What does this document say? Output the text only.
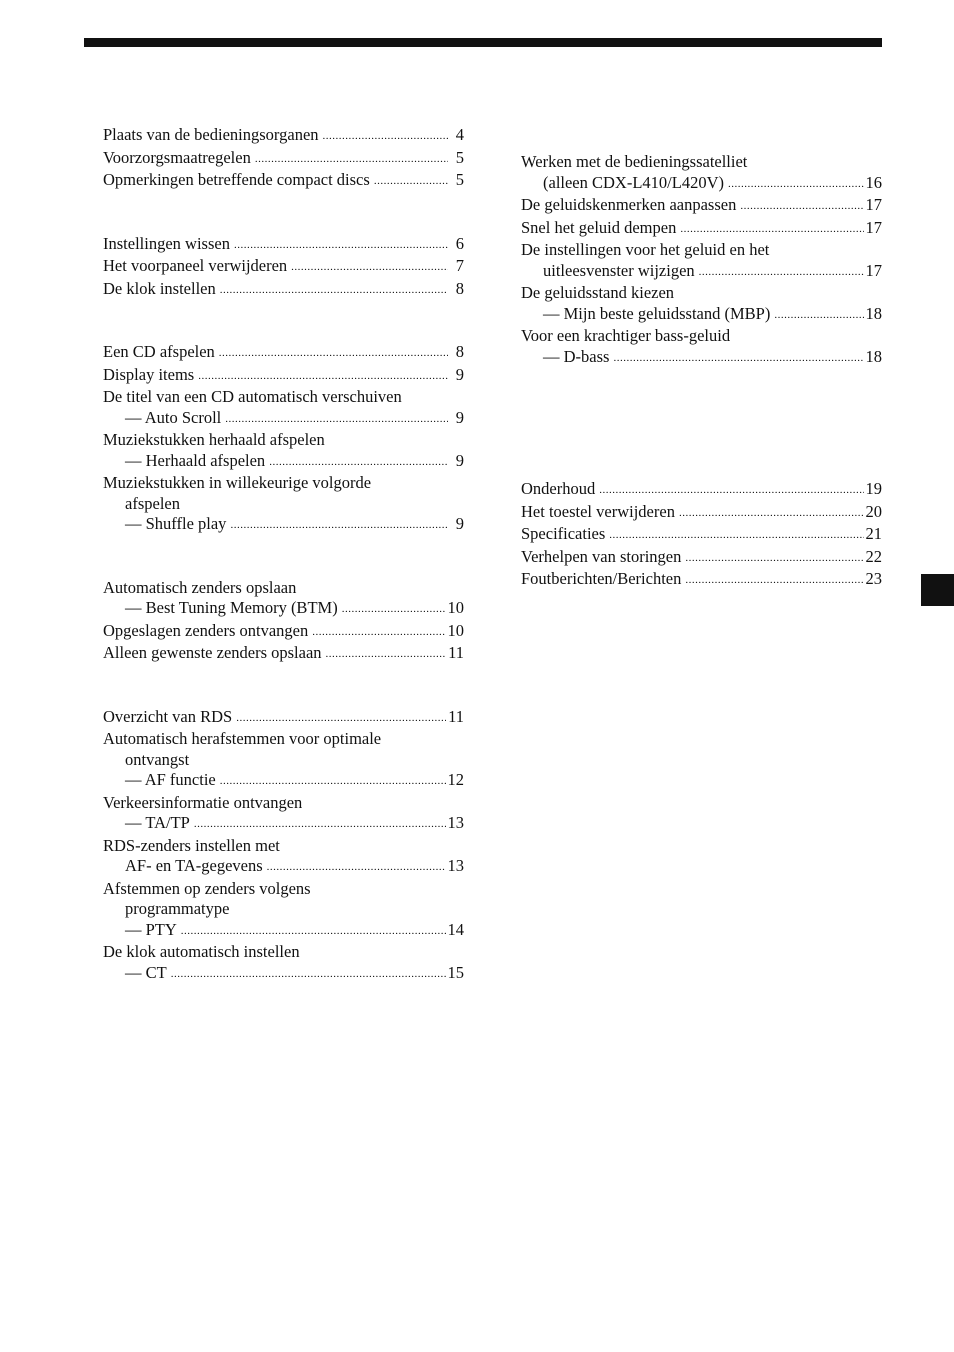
Plaats van de bedieningsorganen .....	4
Voorzorgsmaatregelen .....	5
Opmerkingen betreffende compact discs .....	5
Instellingen wissen .....	6
Het voorpaneel verwijderen .....	7
De klok instellen .....	8
Een CD afspelen .....	8
Display items .....	9
De titel van een CD automatisch verschuiven
— Auto Scroll .....	9
Muziekstukken herhaald afspelen
— Herhaald afspelen .....	9
Muziekstukken in willekeurige volgorde
afspelen
— Shuffle play .....	9
Automatisch zenders opslaan
— Best Tuning Memory (BTM) .....	10
Opgeslagen zenders ontvangen .....	10
Alleen gewenste zenders opslaan .....	11
Overzicht van RDS .....	11
Automatisch herafstemmen voor optimale
ontvangst
— AF functie .....	12
Verkeersinformatie ontvangen
— TA/TP .....	13
RDS-zenders instellen met
AF- en TA-gegevens .....	13
Afstemmen op zenders volgens
programmatype
— PTY .....	14
De klok automatisch instellen
— CT .....	15
Werken met de bedieningssatelliet
(alleen CDX-L410/L420V) .....	16
De geluidskenmerken aanpassen .....	17
Snel het geluid dempen .....	17
De instellingen voor het geluid en het
uitleesvenster wijzigen .....	17
De geluidsstand kiezen
— Mijn beste geluidsstand (MBP) .....	18
Voor een krachtiger bass-geluid
— D-bass .....	18
Onderhoud .....	19
Het toestel verwijderen .....	20
Specificaties .....	21
Verhelpen van storingen .....	22
Foutberichten/Berichten .....	23
